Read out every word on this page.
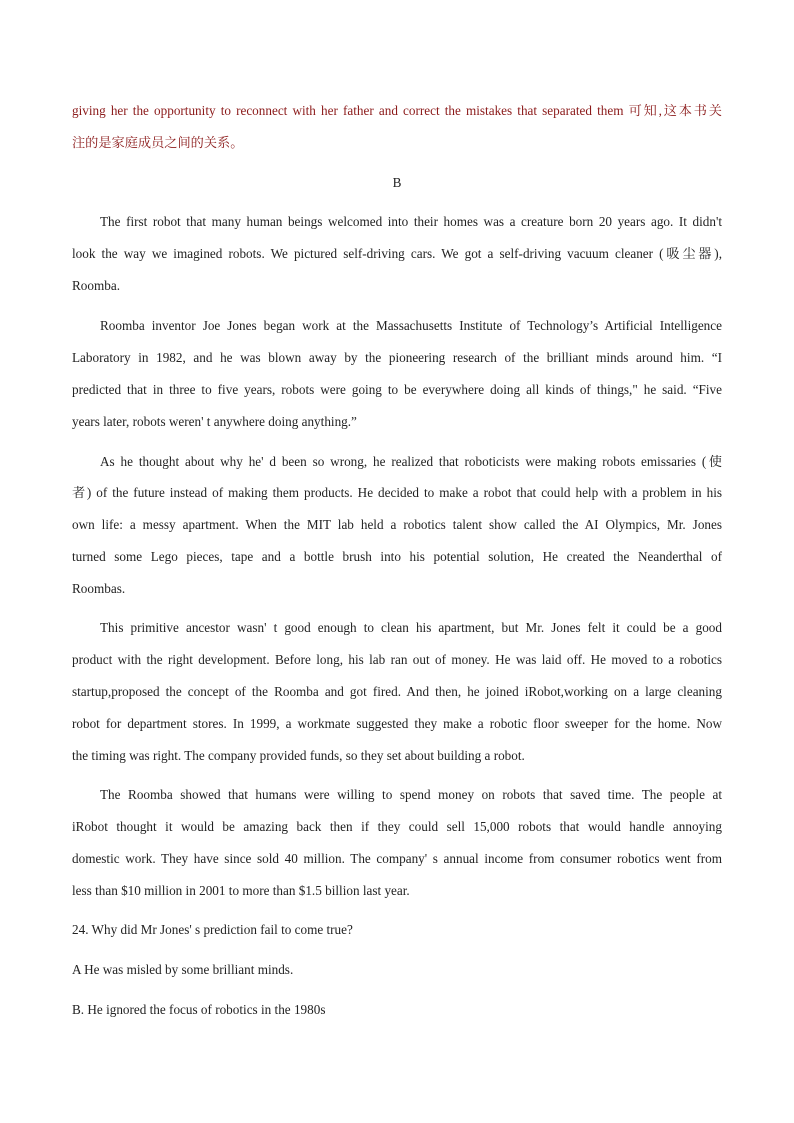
giving her the opportunity to reconnect with her father and correct the mistakes that separated them 可知,这本书关
注的是家庭成员之间的关系。
B
The first robot that many human beings welcomed into their homes was a creature born 20 years ago. It didn't
look the way we imagined robots. We pictured self-driving cars. We got a self-driving vacuum cleaner (吸尘器),
Roomba.
Roomba inventor Joe Jones began work at the Massachusetts Institute of Technology’s Artificial Intelligence
Laboratory in 1982, and he was blown away by the pioneering research of the brilliant minds around him. “I
predicted that in three to five years, robots were going to be everywhere doing all kinds of things," he said. “Five
years later, robots weren' t anywhere doing anything.”
As he thought about why he' d been so wrong, he realized that roboticists were making robots emissaries (使
者) of the future instead of making them products. He decided to make a robot that could help with a problem in his
own life: a messy apartment. When the MIT lab held a robotics talent show called the AI Olympics, Mr. Jones
turned some Lego pieces, tape and a bottle brush into his potential solution, He created the Neanderthal of
Roombas.
This primitive ancestor wasn' t good enough to clean his apartment, but Mr. Jones felt it could be a good
product with the right development. Before long, his lab ran out of money. He was laid off. He moved to a robotics
startup,proposed the concept of the Roomba and got fired. And then, he joined iRobot,working on a large cleaning
robot for department stores. In 1999, a workmate suggested they make a robotic floor sweeper for the home. Now
the timing was right. The company provided funds, so they set about building a robot.
The Roomba showed that humans were willing to spend money on robots that saved time. The people at
iRobot thought it would be amazing back then if they could sell 15,000 robots that would handle annoying
domestic work. They have since sold 40 million. The company' s annual income from consumer robotics went from
less than $10 million in 2001 to more than $1.5 billion last year.
24. Why did Mr Jones' s prediction fail to come true?
A He was misled by some brilliant minds.
B. He ignored the focus of robotics in the 1980s
